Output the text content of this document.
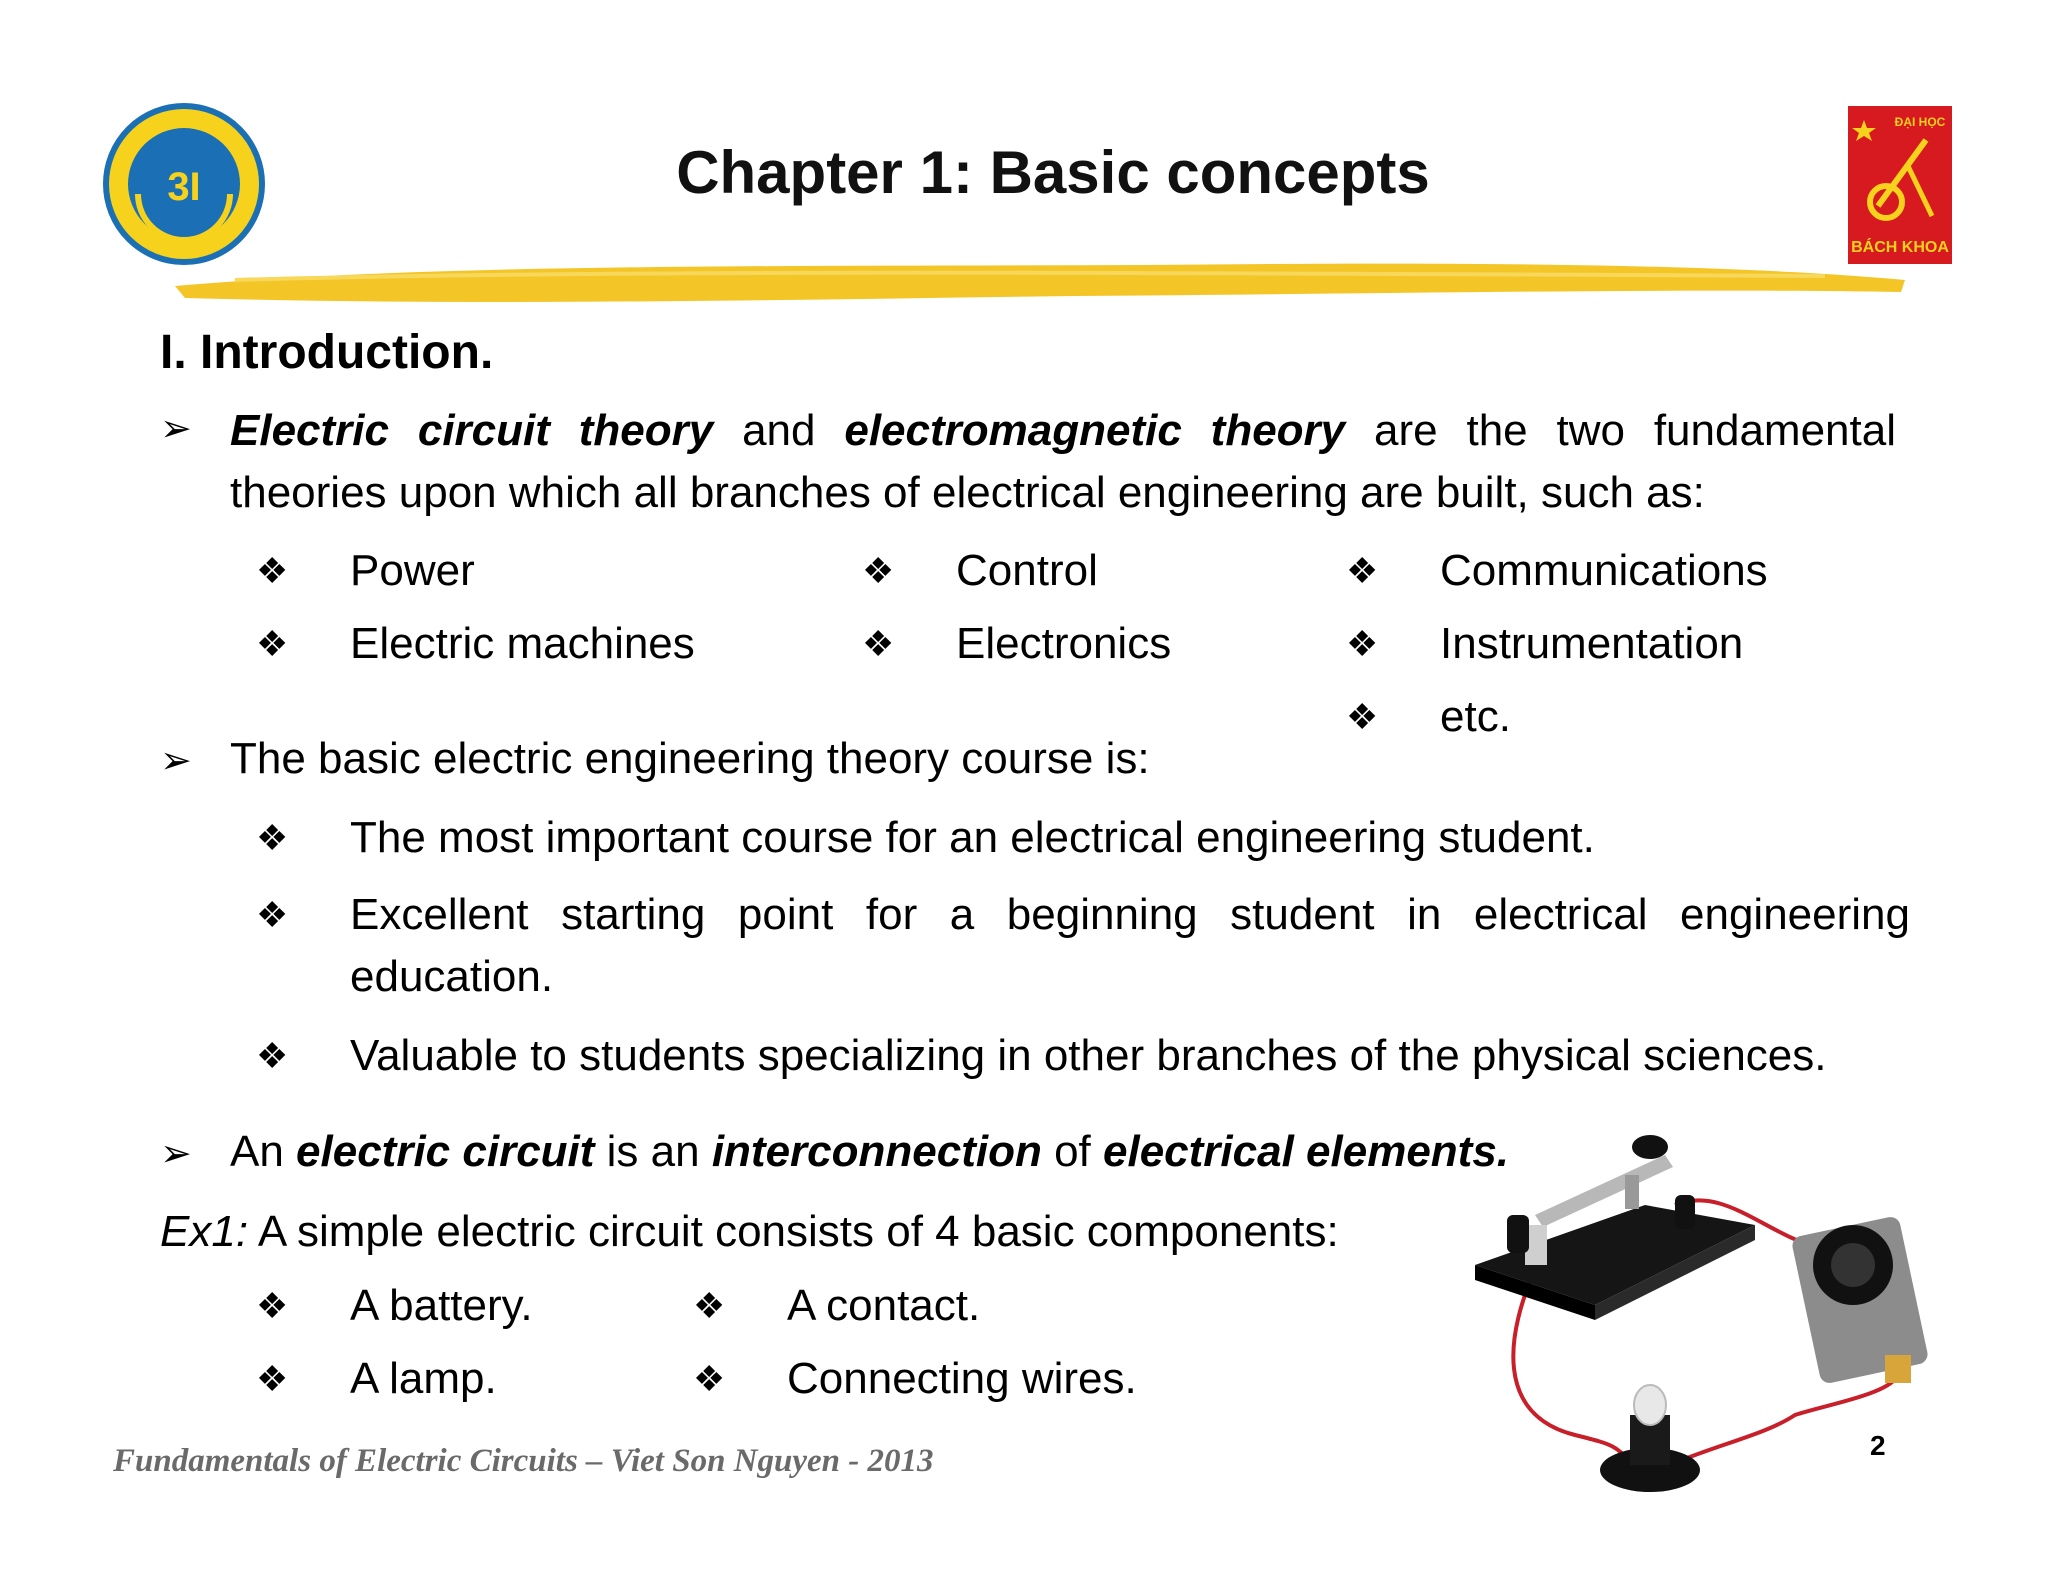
3I	Chapter 1: Basic concepts
ĐẠI HỌC
BÁCH KHOA
I. Introduction.
➢ Electric circuit theory and electromagnetic theory are the two fundamental theories upon which all branches of electrical engineering are built, such as:
❖ Power	❖ Control	❖ Communications
❖ Electric machines	❖ Electronics	❖ Instrumentation
❖ etc.
➢ The basic electric engineering theory course is:
❖ The most important course for an electrical engineering student.
❖	Excellent starting point for a beginning student in electrical engineering education.
❖ Valuable to students specializing in other branches of the physical sciences.
➢ An electric circuit is an interconnection of electrical elements.
Ex1: A simple electric circuit consists of 4 basic components:
❖ A battery.	❖ A contact.
❖ A lamp.	❖ Connecting wires.
Fundamentals of Electric Circuits – Viet Son Nguyen - 2013	2
